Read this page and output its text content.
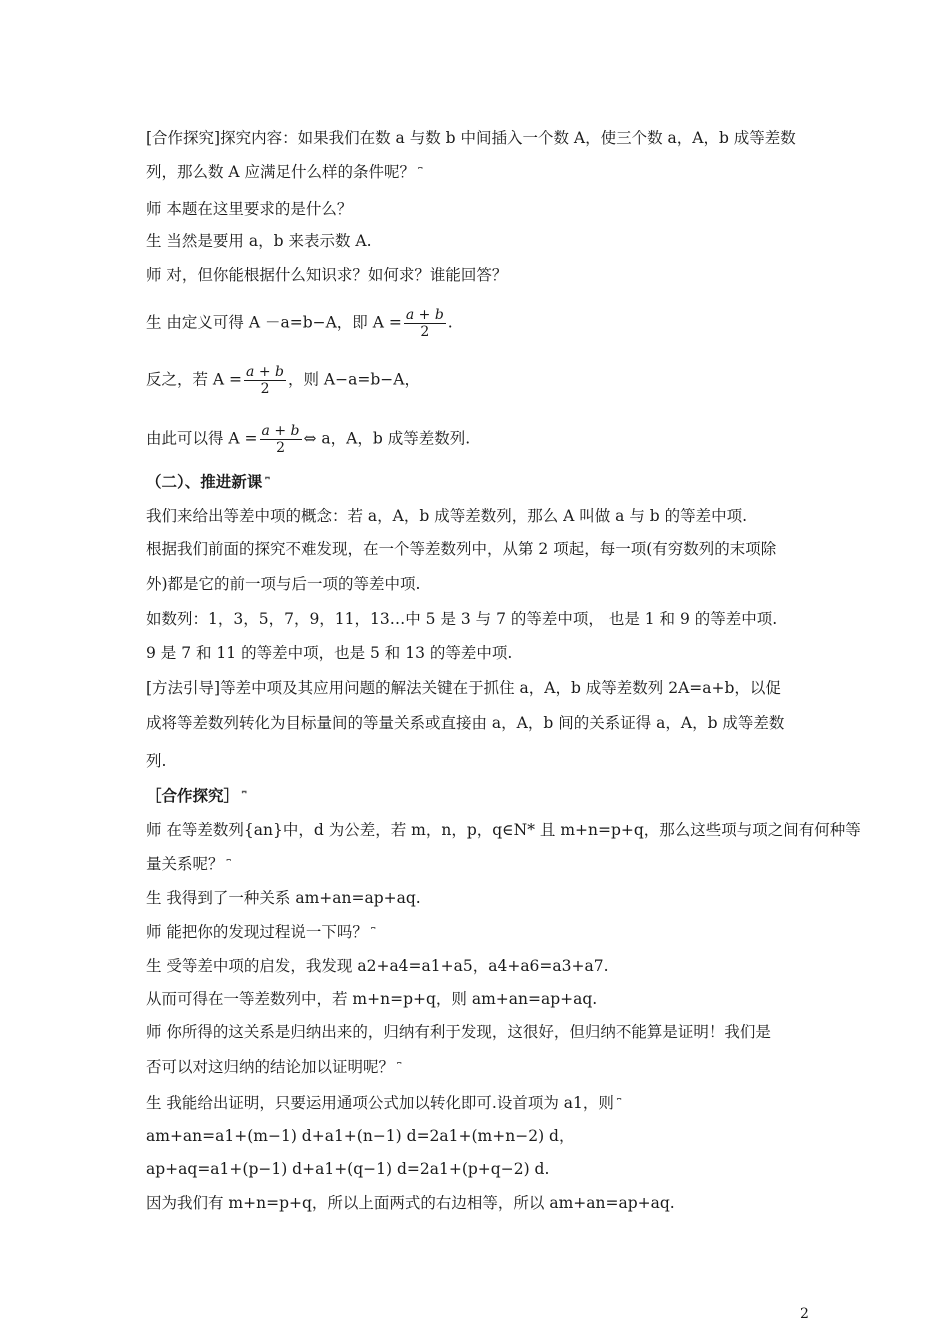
[合作探究]探究内容：如果我们在数 a 与数 b 中间插入一个数 A，使三个数 a，A，b 成等差数
列，那么数 A 应满足什么样的条件呢？ ⎴
师 本题在这里要求的是什么？
生 当然是要用 a，b 来表示数 A.
师 对，但你能根据什么知识求？如何求？谁能回答？
生 由定义可得 A －a=b−A，即 $A = \frac{a + b}{2}$ .
反之，若 $A = \frac{a + b}{2}$ ，则 A−a=b−A，
由此可以得 $A = \frac{a + b}{2}$ ⇔ a，A，b 成等差数列.
（二）、推进新课 ⎴
我们来给出等差中项的概念：若 a，A，b 成等差数列，那么 A 叫做 a 与 b 的等差中项.
根据我们前面的探究不难发现，在一个等差数列中，从第 2 项起，每一项(有穷数列的末项除
外)都是它的前一项与后一项的等差中项.
如数列：1，3，5，7，9，11，13…中 5 是 3 与 7 的等差中项， 也是 1 和 9 的等差中项.
9 是 7 和 11 的等差中项，也是 5 和 13 的等差中项.
[方法引导]等差中项及其应用问题的解法关键在于抓住 a，A，b 成等差数列 2A=a+b，以促
成将等差数列转化为目标量间的等量关系或直接由 a，A，b 间的关系证得 a，A，b 成等差数
列.
［合作探究］ ⎴
师 在等差数列{an}中，d 为公差，若 m，n，p，q∈N* 且 m+n=p+q，那么这些项与项之间有何种等
量关系呢？ ⎴
生 我得到了一种关系 am+an=ap+aq.
师 能把你的发现过程说一下吗？ ⎴
生 受等差中项的启发，我发现 a2+a4=a1+a5，a4+a6=a3+a7.
从而可得在一等差数列中，若 m+n=p+q，则 am+an=ap+aq.
师 你所得的这关系是归纳出来的，归纳有利于发现，这很好，但归纳不能算是证明！我们是
否可以对这归纳的结论加以证明呢？ ⎴
生 我能给出证明，只要运用通项公式加以转化即可.设首项为 a1，则 ⎴
am+an=a1+(m−1) d+a1+(n−1) d=2a1+(m+n−2) d，
ap+aq=a1+(p−1) d+a1+(q−1) d=2a1+(p+q−2) d.
因为我们有 m+n=p+q，所以上面两式的右边相等，所以 am+an=ap+aq.
2
